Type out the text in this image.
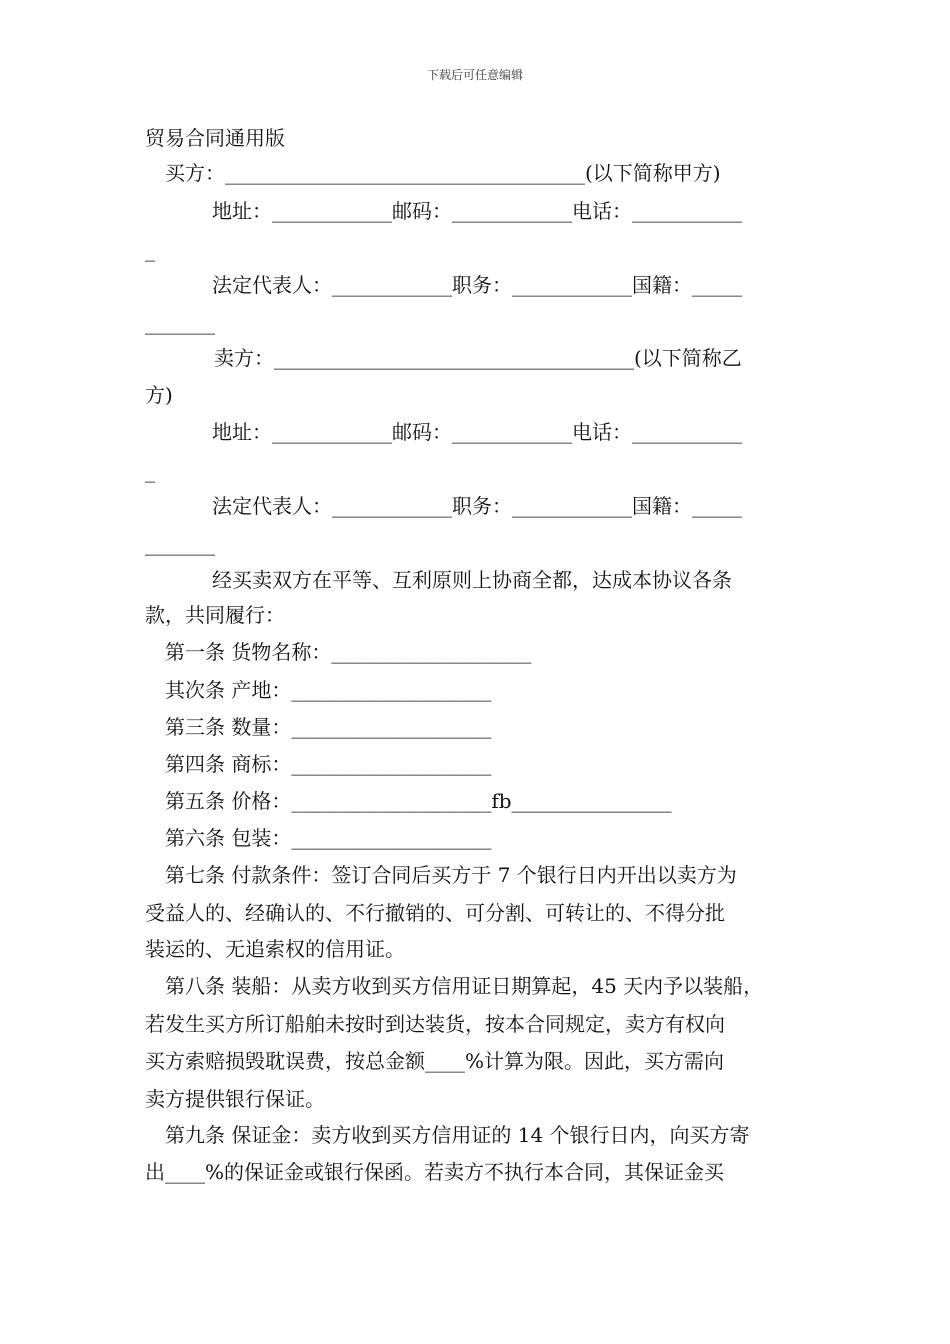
下载后可任意编辑
贸易合同通用版
买方：____________________________________(以下简称甲方)
地址：____________邮码：____________电话：___________
_
法定代表人：____________职务：____________国籍：_____
_______
卖方：____________________________________(以下简称乙
方)
地址：____________邮码：____________电话：___________
_
法定代表人：____________职务：____________国籍：_____
_______
经买卖双方在平等、互利原则上协商全都，达成本协议各条
款，共同履行：
第一条 货物名称：____________________
其次条 产地：____________________
第三条 数量：____________________
第四条 商标：____________________
第五条 价格：____________________fb________________
第六条 包装：____________________
第七条 付款条件：签订合同后买方于 7 个银行日内开出以卖方为
受益人的、经确认的、不行撤销的、可分割、可转让的、不得分批
装运的、无追索权的信用证。
第八条 装船：从卖方收到买方信用证日期算起，45 天内予以装船，
若发生买方所订船舶未按时到达装货，按本合同规定，卖方有权向
买方索赔损毁耽误费，按总金额____%计算为限。因此，买方需向
卖方提供银行保证。
第九条 保证金：卖方收到买方信用证的 14 个银行日内，向买方寄
出____%的保证金或银行保函。若卖方不执行本合同，其保证金买
